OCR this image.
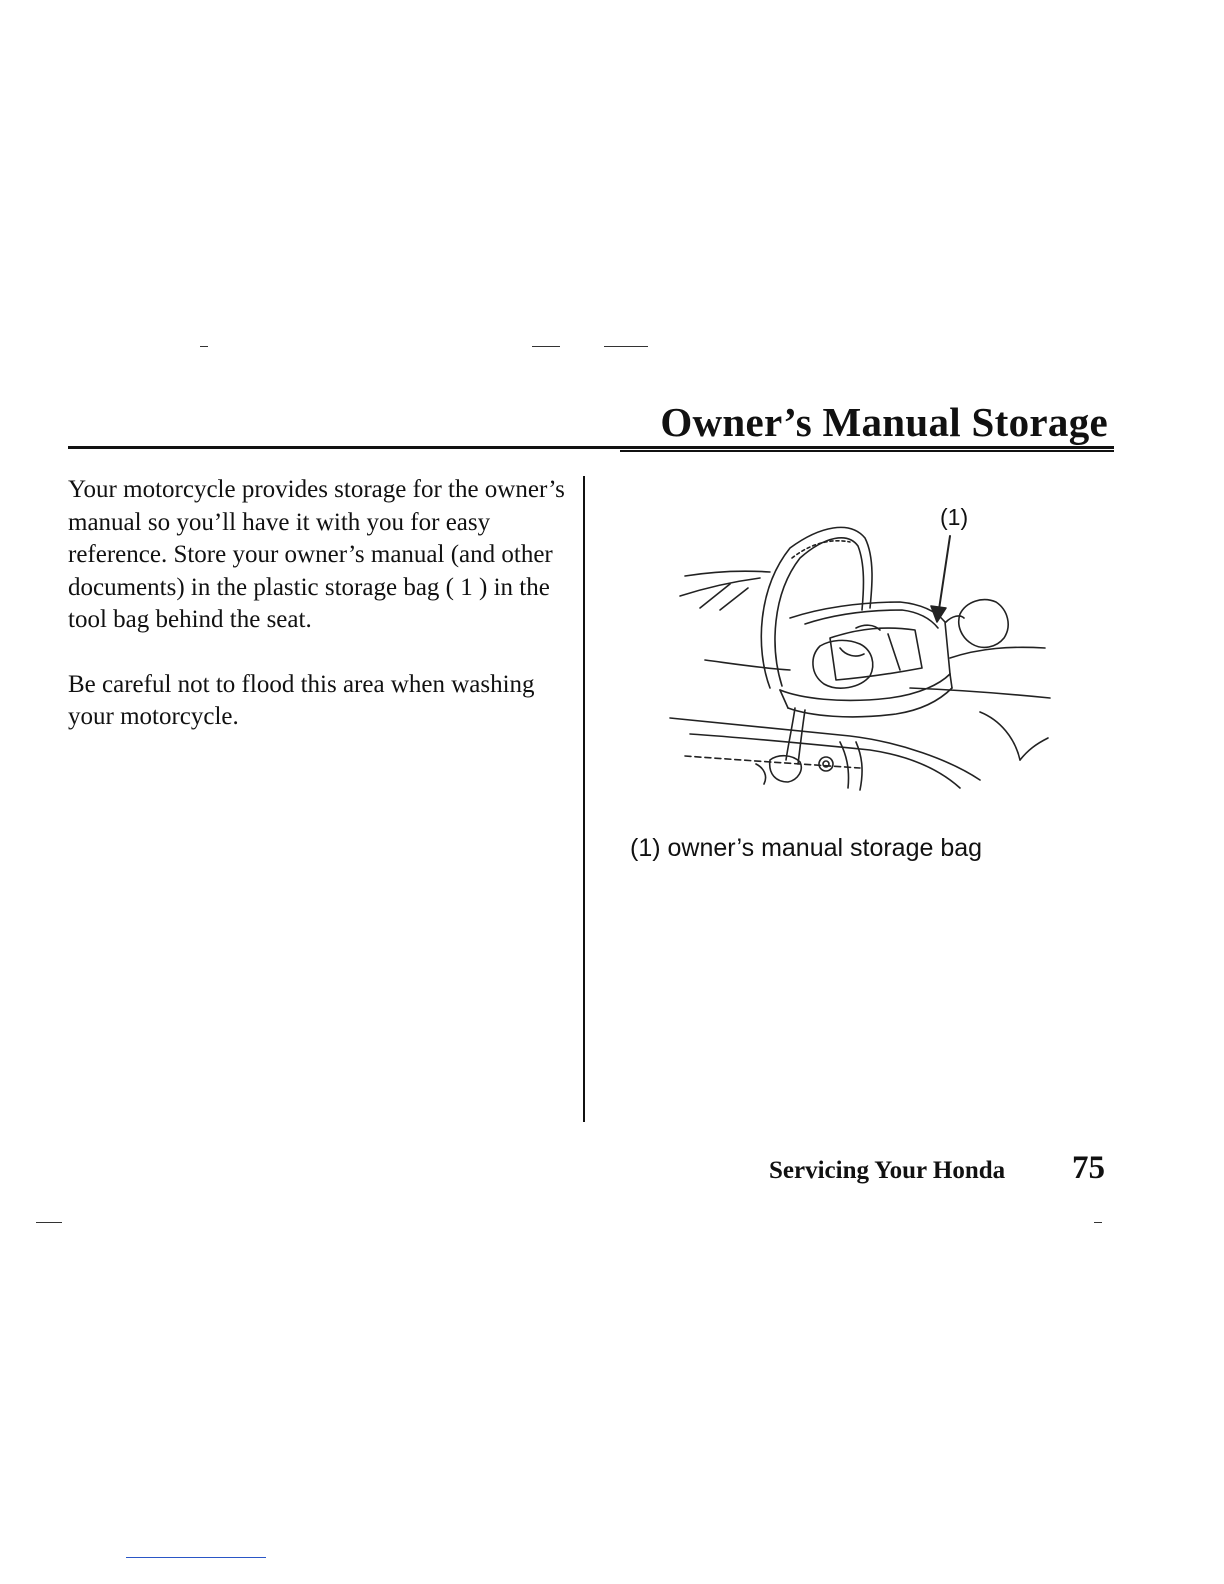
Owner’s Manual Storage

Your motorcycle provides storage for the owner’s manual so you’ll have it with you for easy reference. Store your owner’s manual (and other documents) in the plastic storage bag ( 1 ) in the tool bag behind the seat.

Be careful not to flood this area when washing your motorcycle.

(1)
(1) owner’s manual storage bag
Servicing Your Honda 75
